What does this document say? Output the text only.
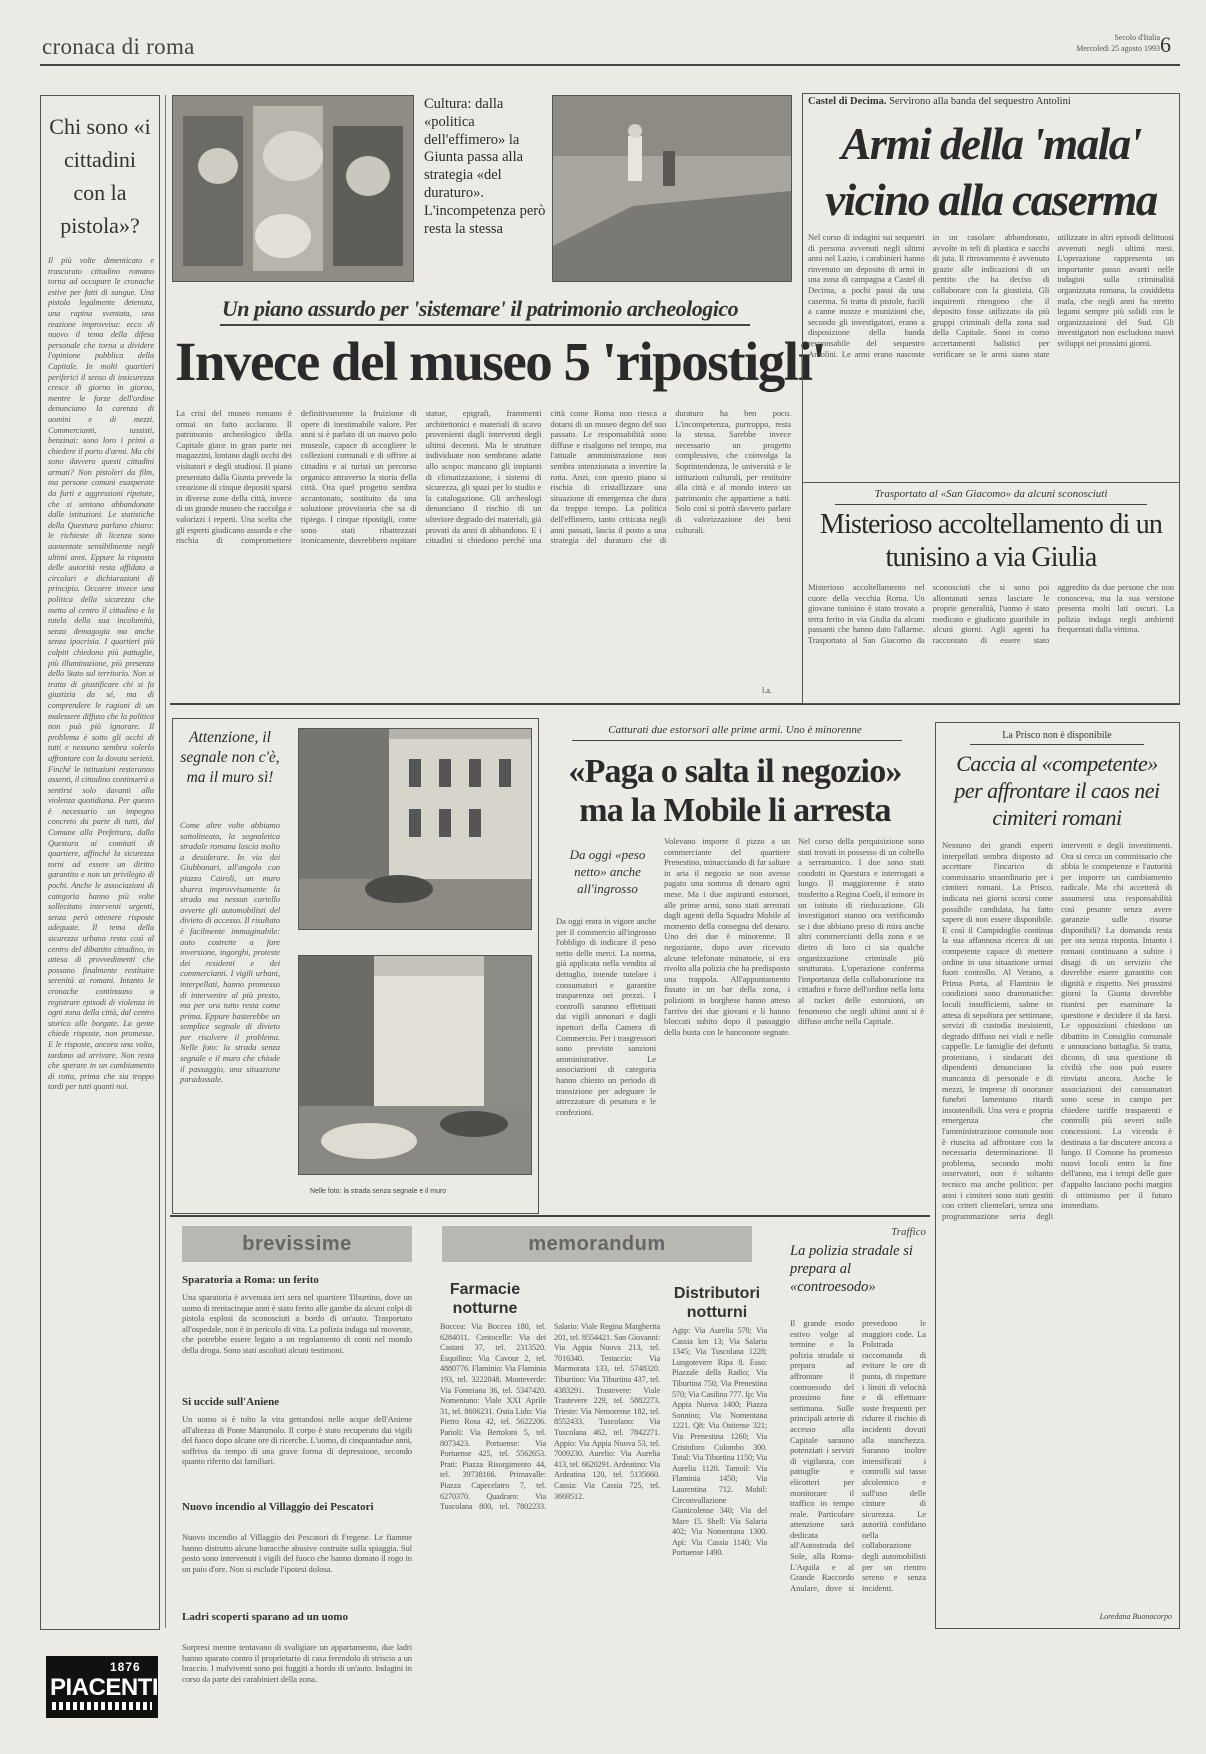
cronaca di roma	Secolo d'Italia
Mercoledì 25 agosto 1993 6
Chi sono «i cittadini con la pistola»?
Il più volte dimenticato e trascurato cittadino romano torna ad occupare le cronache estive per fatti di sangue. Una pistola legalmente detenuta, una rapina sventata, una reazione improvvisa: ecco di nuovo il tema della difesa personale che torna a dividere l'opinione pubblica della Capitale. In molti quartieri periferici il senso di insicurezza cresce di giorno in giorno, mentre le forze dell'ordine denunciano la carenza di uomini e di mezzi. Commercianti, tassisti, benzinai: sono loro i primi a chiedere il porto d'armi. Ma chi sono davvero questi cittadini armati? Non pistoleri da film, ma persone comuni esasperate da furti e aggressioni ripetute, che si sentono abbandonate dalle istituzioni. Le statistiche della Questura parlano chiaro: le richieste di licenza sono aumentate sensibilmente negli ultimi anni. Eppure la risposta delle autorità resta affidata a circolari e dichiarazioni di principio. Occorre invece una politica della sicurezza che metta al centro il cittadino e la tutela della sua incolumità, senza demagogia ma anche senza ipocrisia. I quartieri più colpiti chiedono più pattuglie, più illuminazione, più presenza dello Stato sul territorio. Non si tratta di giustificare chi si fa giustizia da sé, ma di comprendere le ragioni di un malessere diffuso che la politica non può più ignorare. Il problema è sotto gli occhi di tutti e nessuno sembra volerlo affrontare con la dovuta serietà. Finché le istituzioni resteranno assenti, il cittadino continuerà a sentirsi solo davanti alla violenza quotidiana. Per questo è necessario un impegno concreto da parte di tutti, dal Comune alla Prefettura, dalla Questura ai comitati di quartiere, affinché la sicurezza torni ad essere un diritto garantito e non un privilegio di pochi. Anche le associazioni di categoria hanno più volte sollecitato interventi urgenti, senza però ottenere risposte adeguate. Il tema della sicurezza urbana resta così al centro del dibattito cittadino, in attesa di provvedimenti che possano finalmente restituire serenità ai romani. Intanto le cronache continuano a registrare episodi di violenza in ogni zona della città, dal centro storico alle borgate. La gente chiede risposte, non promesse. E le risposte, ancora una volta, tardano ad arrivare. Non resta che sperare in un cambiamento di rotta, prima che sia troppo tardi per tutti quanti noi.
Cultura: dalla «politica dell'effimero» la Giunta passa alla strategia «del duraturo». L'incompetenza però resta la stessa
Un piano assurdo per 'sistemare' il patrimonio archeologico
Invece del museo 5 'ripostigli'
La crisi del museo romano è ormai un fatto acclarato. Il patrimonio archeologico della Capitale giace in gran parte nei magazzini, lontano dagli occhi dei visitatori e degli studiosi. Il piano presentato dalla Giunta prevede la creazione di cinque depositi sparsi in diverse zone della città, invece di un grande museo che raccolga e valorizzi i reperti. Una scelta che gli esperti giudicano assurda e che rischia di compromettere definitivamente la fruizione di opere di inestimabile valore. Per anni si è parlato di un nuovo polo museale, capace di accogliere le collezioni comunali e di offrire ai cittadini e ai turisti un percorso organico attraverso la storia della città. Ora quel progetto sembra accantonato, sostituito da una soluzione provvisoria che sa di ripiego. I cinque ripostigli, come sono stati ribattezzati ironicamente, dovrebbero ospitare statue, epigrafi, frammenti architettonici e materiali di scavo provenienti dagli interventi degli ultimi decenni. Ma le strutture individuate non sembrano adatte allo scopo: mancano gli impianti di climatizzazione, i sistemi di sicurezza, gli spazi per lo studio e la catalogazione. Gli archeologi denunciano il rischio di un ulteriore degrado dei materiali, già provati da anni di abbandono. E i cittadini si chiedono perché una città come Roma non riesca a dotarsi di un museo degno del suo passato. Le responsabilità sono diffuse e risalgono nel tempo, ma l'attuale amministrazione non sembra intenzionata a invertire la rotta. Anzi, con questo piano si rischia di cristallizzare una situazione di emergenza che dura da troppo tempo. La politica dell'effimero, tanto criticata negli anni passati, lascia il posto a una strategia del duraturo che di duraturo ha ben poco. L'incompetenza, purtroppo, resta la stessa. Sarebbe invece necessario un progetto complessivo, che coinvolga la Soprintendenza, le università e le istituzioni culturali, per restituire alla città e al mondo intero un patrimonio che appartiene a tutti. Solo così si potrà davvero parlare di valorizzazione dei beni culturali.
l.a.
Castel di Decima. Servirono alla banda del sequestro Antolini
Armi della 'mala' vicino alla caserma
Nel corso di indagini sui sequestri di persona avvenuti negli ultimi anni nel Lazio, i carabinieri hanno rinvenuto un deposito di armi in una zona di campagna a Castel di Decima, a pochi passi da una caserma. Si tratta di pistole, fucili a canne mozze e munizioni che, secondo gli investigatori, erano a disposizione della banda responsabile del sequestro Antolini. Le armi erano nascoste in un casolare abbandonato, avvolte in teli di plastica e sacchi di juta. Il ritrovamento è avvenuto grazie alle indicazioni di un pentito che ha deciso di collaborare con la giustizia. Gli inquirenti ritengono che il deposito fosse utilizzato da più gruppi criminali della zona sud della Capitale. Sono in corso accertamenti balistici per verificare se le armi siano state utilizzate in altri episodi delittuosi avvenuti negli ultimi mesi. L'operazione rappresenta un importante passo avanti nelle indagini sulla criminalità organizzata romana, la cosiddetta mala, che negli anni ha stretto legami sempre più solidi con le organizzazioni del Sud. Gli investigatori non escludono nuovi sviluppi nei prossimi giorni.
Trasportato al «San Giacomo» da alcuni sconosciuti
Misterioso accoltellamento di un tunisino a via Giulia
Misterioso accoltellamento nel cuore della vecchia Roma. Un giovane tunisino è stato trovato a terra ferito in via Giulia da alcuni passanti che hanno dato l'allarme. Trasportato al San Giacomo da sconosciuti che si sono poi allontanati senza lasciare le proprie generalità, l'uomo è stato medicato e giudicato guaribile in alcuni giorni. Agli agenti ha raccontato di essere stato aggredito da due persone che non conosceva, ma la sua versione presenta molti lati oscuri. La polizia indaga negli ambienti frequentati dalla vittima.
Attenzione, il segnale non c'è, ma il muro sì!
Come altre volte abbiamo sottolineato, la segnaletica stradale romana lascia molto a desiderare. In via dei Giubbonari, all'angolo con piazza Cairoli, un muro sbarra improvvisamente la strada ma nessun cartello avverte gli automobilisti del divieto di accesso. Il risultato è facilmente immaginabile: auto costrette a fare inversione, ingorghi, proteste dei residenti e dei commercianti. I vigili urbani, interpellati, hanno promesso di intervenire al più presto, ma per ora tutto resta come prima. Eppure basterebbe un semplice segnale di divieto per risolvere il problema. Nelle foto: la strada senza segnale e il muro che chiude il passaggio, una situazione paradossale.
Nelle foto: la strada senza segnale e il muro
Catturati due estorsori alle prime armi. Uno è minorenne
«Paga o salta il negozio» ma la Mobile li arresta
Da oggi «peso netto» anche all'ingrosso
Da oggi entra in vigore anche per il commercio all'ingrosso l'obbligo di indicare il peso netto delle merci. La norma, già applicata nella vendita al dettaglio, intende tutelare i consumatori e garantire trasparenza nei prezzi. I controlli saranno effettuati dai vigili annonari e dagli ispettori della Camera di Commercio. Per i trasgressori sono previste sanzioni amministrative. Le associazioni di categoria hanno chiesto un periodo di transizione per adeguare le attrezzature di pesatura e le confezioni.
Volevano imporre il pizzo a un commerciante del quartiere Prenestino, minacciando di far saltare in aria il negozio se non avesse pagato una somma di denaro ogni mese. Ma i due aspiranti estorsori, alle prime armi, sono stati arrestati dagli agenti della Squadra Mobile al momento della consegna del denaro. Uno dei due è minorenne. Il negoziante, dopo aver ricevuto alcune telefonate minatorie, si era rivolto alla polizia che ha predisposto una trappola. All'appuntamento fissato in un bar della zona, i poliziotti in borghese hanno atteso l'arrivo dei due giovani e li hanno bloccati subito dopo il passaggio della busta con le banconote segnate. Nel corso della perquisizione sono stati trovati in possesso di un coltello a serramanico. I due sono stati condotti in Questura e interrogati a lungo. Il maggiorenne è stato trasferito a Regina Coeli, il minore in un istituto di rieducazione. Gli investigatori stanno ora verificando se i due abbiano preso di mira anche altri commercianti della zona e se dietro di loro ci sia qualche organizzazione criminale più strutturata. L'operazione conferma l'importanza della collaborazione tra cittadini e forze dell'ordine nella lotta al racket delle estorsioni, un fenomeno che negli ultimi anni si è diffuso anche nella Capitale.
La Prisco non è disponibile
Caccia al «competente» per affrontare il caos nei cimiteri romani
Nessuno dei grandi esperti interpellati sembra disposto ad accettare l'incarico di commissario straordinario per i cimiteri romani. La Prisco, indicata nei giorni scorsi come possibile candidata, ha fatto sapere di non essere disponibile. E così il Campidoglio continua la sua affannosa ricerca di un competente capace di mettere ordine in una situazione ormai fuori controllo. Al Verano, a Prima Porta, al Flaminio le condizioni sono drammatiche: loculi insufficienti, salme in attesa di sepoltura per settimane, servizi di custodia inesistenti, degrado diffuso nei viali e nelle cappelle. Le famiglie dei defunti protestano, i sindacati dei dipendenti denunciano la mancanza di personale e di mezzi, le imprese di onoranze funebri lamentano ritardi insostenibili. Una vera e propria emergenza che l'amministrazione comunale non è riuscita ad affrontare con la necessaria determinazione. Il problema, secondo molti osservatori, non è soltanto tecnico ma anche politico: per anni i cimiteri sono stati gestiti con criteri clientelari, senza una programmazione seria degli interventi e degli investimenti. Ora si cerca un commissario che abbia le competenze e l'autorità per imporre un cambiamento radicale. Ma chi accetterà di assumersi una responsabilità così pesante senza avere garanzie sulle risorse disponibili? La domanda resta per ora senza risposta. Intanto i romani continuano a subire i disagi di un servizio che dovrebbe essere garantito con dignità e rispetto. Nei prossimi giorni la Giunta dovrebbe riunirsi per esaminare la questione e decidere il da farsi. Le opposizioni chiedono un dibattito in Consiglio comunale e annunciano battaglia. Si tratta, dicono, di una questione di civiltà che non può essere rinviata ancora. Anche le associazioni dei consumatori sono scese in campo per chiedere tariffe trasparenti e controlli più severi sulle concessioni. La vicenda è destinata a far discutere ancora a lungo. Il Comune ha promesso nuovi loculi entro la fine dell'anno, ma i tempi delle gare d'appalto lasciano pochi margini di ottimismo per il futuro immediato.
Loredana Buonocorpo
brevissime
Sparatoria a Roma: un ferito
Una sparatoria è avvenuta ieri sera nel quartiere Tiburtino, dove un uomo di trentacinque anni è stato ferito alle gambe da alcuni colpi di pistola esplosi da sconosciuti a bordo di un'auto. Trasportato all'ospedale, non è in pericolo di vita. La polizia indaga sul movente, che potrebbe essere legato a un regolamento di conti nel mondo della droga. Sono stati ascoltati alcuni testimoni.
Si uccide sull'Aniene
Un uomo si è tolto la vita gettandosi nelle acque dell'Aniene all'altezza di Ponte Mammolo. Il corpo è stato recuperato dai vigili del fuoco dopo alcune ore di ricerche. L'uomo, di cinquantadue anni, soffriva da tempo di una grave forma di depressione, secondo quanto riferito dai familiari.
Nuovo incendio al Villaggio dei Pescatori
Nuovo incendio al Villaggio dei Pescatori di Fregene. Le fiamme hanno distrutto alcune baracche abusive costruite sulla spiaggia. Sul posto sono intervenuti i vigili del fuoco che hanno domato il rogo in un paio d'ore. Non si esclude l'ipotesi dolosa.
Ladri scoperti sparano ad un uomo
Sorpresi mentre tentavano di svaligiare un appartamento, due ladri hanno sparato contro il proprietario di casa ferendolo di striscio a un braccio. I malviventi sono poi fuggiti a bordo di un'auto. Indagini in corso da parte dei carabinieri della zona.
memorandum
Farmacie notturne
Boccea: Via Boccea 180, tel. 6284011. Centocelle: Via dei Castani 37, tel. 2313520. Esquilino: Via Cavour 2, tel. 4880776. Flaminio: Via Flaminia 193, tel. 3222048. Monteverde: Via Fonteiana 36, tel. 5347420. Nomentano: Viale XXI Aprile 31, tel. 8606231. Ostia Lido: Via Pietro Rosa 42, tel. 5622206. Parioli: Via Bertoloni 5, tel. 8073423. Portuense: Via Portuense 425, tel. 5562653. Prati: Piazza Risorgimento 44, tel. 39738166. Primavalle: Piazza Capecelatro 7, tel. 6270370. Quadraro: Via Tuscolana 800, tel. 7802233. Salario: Viale Regina Margherita 201, tel. 8554421. San Giovanni: Via Appia Nuova 213, tel. 7016340. Testaccio: Via Marmorata 133, tel. 5748320. Tiburtino: Via Tiburtina 437, tel. 4383291. Trastevere: Viale Trastevere 229, tel. 5882273. Trieste: Via Nemorense 182, tel. 8552433. Tuscolano: Via Tuscolana 462, tel. 7842271. Appio: Via Appia Nuova 53, tel. 7009230. Aurelio: Via Aurelia 413, tel. 6620291. Ardeatino: Via Ardeatina 120, tel. 5135660. Cassia: Via Cassia 725, tel. 3669512.
Distributori notturni
Agip: Via Aurelia 570; Via Cassia km 13; Via Salaria 1345; Via Tuscolana 1228; Lungotevere Ripa 8. Esso: Piazzale della Radio; Via Tiburtina 750; Via Prenestina 570; Via Casilina 777. Ip: Via Appia Nuova 1400; Piazza Sonnino; Via Nomentana 1221. Q8: Via Ostiense 321; Via Prenestina 1260; Via Cristoforo Colombo 300. Total: Via Tiburtina 1150; Via Aurelia 1120. Tamoil: Via Flaminia 1450; Via Laurentina 712. Mobil: Circonvallazione Gianicolense 340; Via del Mare 15. Shell: Via Salaria 402; Via Nomentana 1300. Api: Via Cassia 1140; Via Portuense 1490.
Traffico
La polizia stradale si prepara al «controesodo»
Il grande esodo estivo volge al termine e la polizia stradale si prepara ad affrontare il controesodo del prossimo fine settimana. Sulle principali arterie di accesso alla Capitale saranno potenziati i servizi di vigilanza, con pattuglie e elicotteri per monitorare il traffico in tempo reale. Particolare attenzione sarà dedicata all'Autostrada del Sole, alla Roma-L'Aquila e al Grande Raccordo Anulare, dove si prevedono le maggiori code. La Polstrada raccomanda di evitare le ore di punta, di rispettare i limiti di velocità e di effettuare soste frequenti per ridurre il rischio di incidenti dovuti alla stanchezza. Saranno inoltre intensificati i controlli sul tasso alcolemico e sull'uso delle cinture di sicurezza. Le autorità confidano nella collaborazione degli automobilisti per un rientro sereno e senza incidenti.
1876
PIACENTI
